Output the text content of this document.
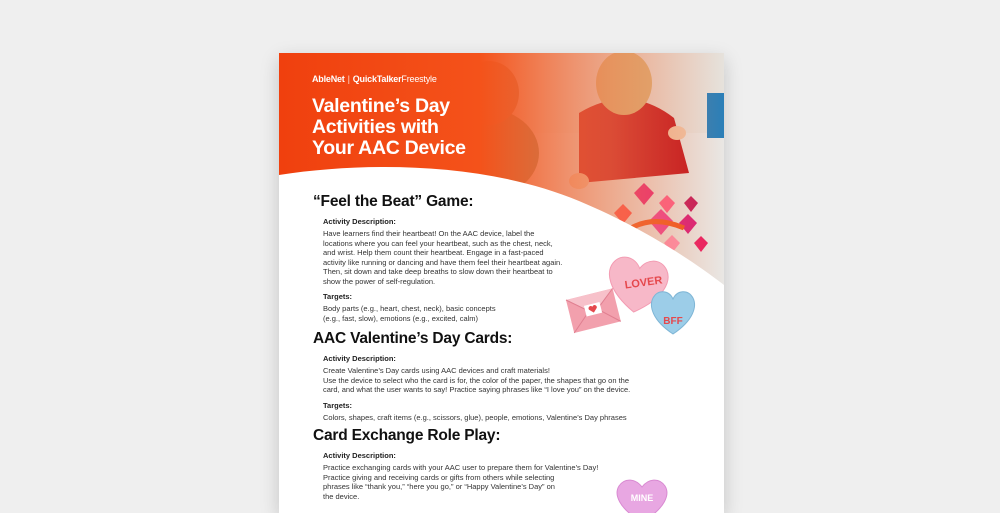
AbleNet | QuickTalkerFreestyle
Valentine’s Day
Activities with
Your AAC Device
LOVER
BFF
MINE
“Feel the Beat” Game:
Activity Description:
Have learners find their heartbeat! On the AAC device, label the
locations where you can feel your heartbeat, such as the chest, neck,
and wrist. Help them count their heartbeat. Engage in a fast-paced
activity like running or dancing and have them feel their heartbeat again.
Then, sit down and take deep breaths to slow down their heartbeat to
show the power of self-regulation.
Targets:
Body parts (e.g., heart, chest, neck), basic concepts
(e.g., fast, slow), emotions (e.g., excited, calm)
AAC Valentine’s Day Cards:
Activity Description:
Create Valentine’s Day cards using AAC devices and craft materials!
Use the device to select who the card is for, the color of the paper, the shapes that go on the
card, and what the user wants to say! Practice saying phrases like “I love you” on the device.
Targets:
Colors, shapes, craft items (e.g., scissors, glue), people, emotions, Valentine’s Day phrases
Card Exchange Role Play:
Activity Description:
Practice exchanging cards with your AAC user to prepare them for Valentine’s Day!
Practice giving and receiving cards or gifts from others while selecting
phrases like “thank you,” “here you go,” or “Happy Valentine’s Day” on
the device.
